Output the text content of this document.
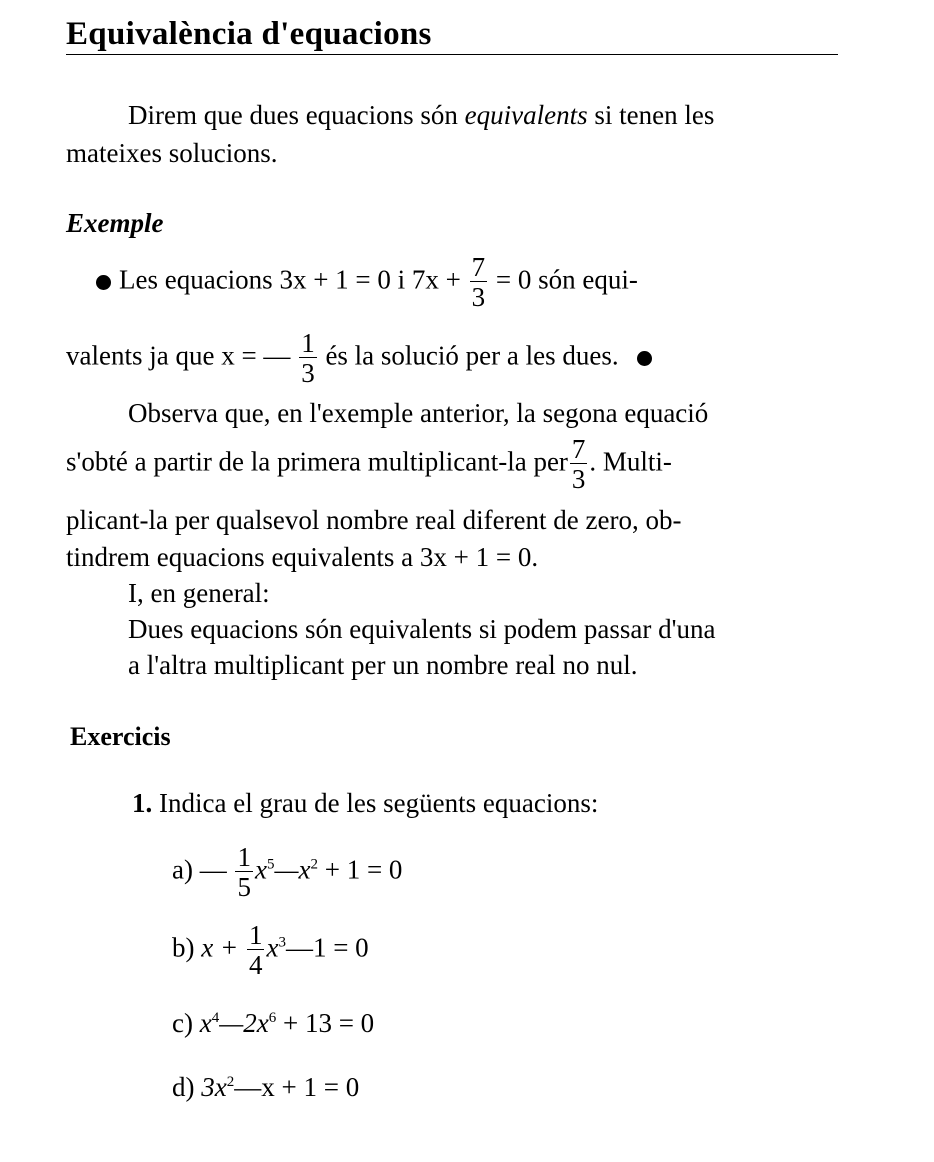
Equivalència d'equacions
Direm que dues equacions són equivalents si tenen les
mateixes solucions.
Exemple
Les equacions 3x + 1 = 0 i $7x + \frac{7}{3} = 0$ són equi-
valents ja que x = — $\frac{1}{3}$ és la solució per a les dues.
Observa que, en l'exemple anterior, la segona equació
s'obté a partir de la primera multiplicant-la per $\frac{7}{3}$ . Multi-
plicant-la per qualsevol nombre real diferent de zero, ob-
tindrem equacions equivalents a 3x + 1 = 0.
I, en general:
Dues equacions són equivalents si podem passar d'una
a l'altra multiplicant per un nombre real no nul.
Exercicis
1. Indica el grau de les següents equacions:
a) — $\frac{1}{5}$ $x^5—x^2 + 1 = 0$
b) $x + \frac{1}{4}$ $x^3—1 = 0$
c) $x^4—2x^6 + 13 = 0$
d) $3x^2—x + 1 = 0$
